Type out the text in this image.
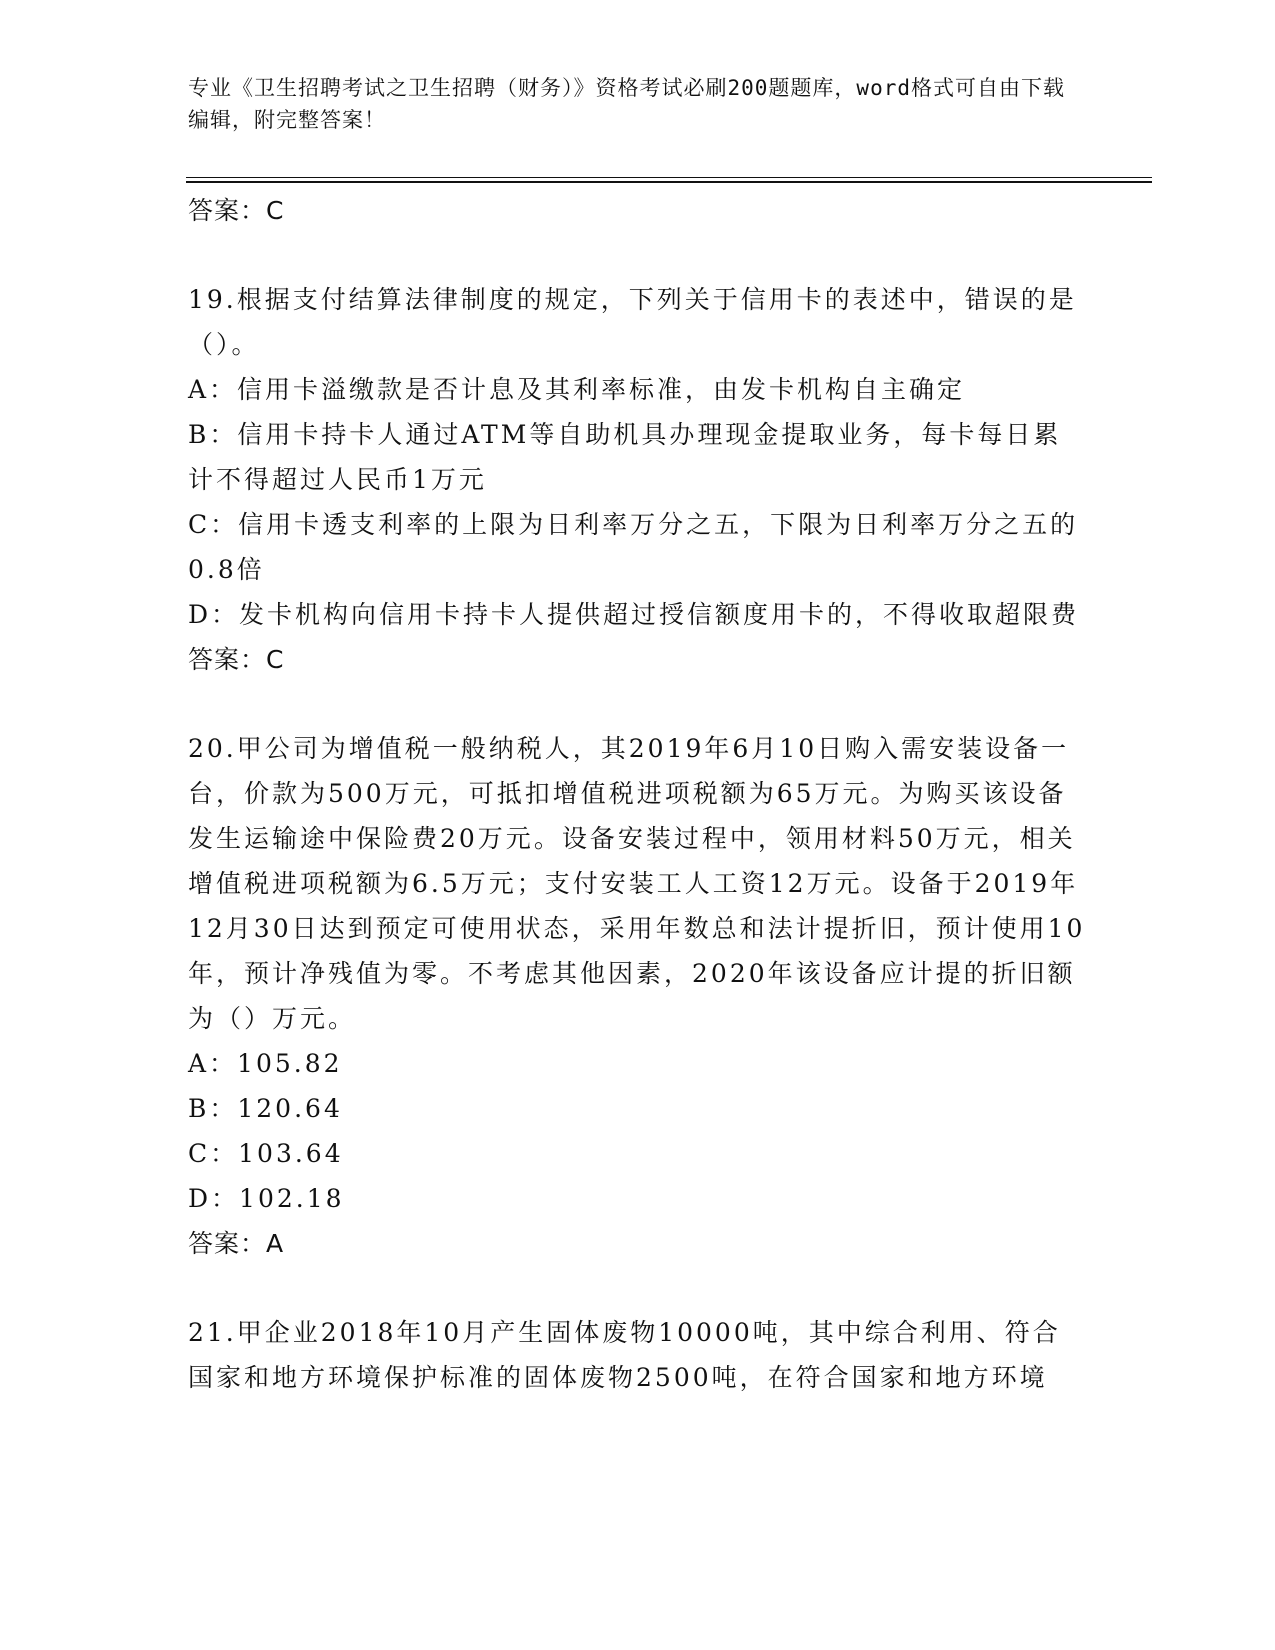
专业《卫生招聘考试之卫生招聘（财务）》资格考试必刷200题题库，word格式可自由下载编辑，附完整答案！

答案：C

19.根据支付结算法律制度的规定，下列关于信用卡的表述中，错误的是（）。

A：信用卡溢缴款是否计息及其利率标准，由发卡机构自主确定

B：信用卡持卡人通过ATM等自助机具办理现金提取业务，每卡每日累计不得超过人民币1万元

C：信用卡透支利率的上限为日利率万分之五，下限为日利率万分之五的0.8倍

D：发卡机构向信用卡持卡人提供超过授信额度用卡的，不得收取超限费

答案：C

20.甲公司为增值税一般纳税人，其2019年6月10日购入需安装设备一台，价款为500万元，可抵扣增值税进项税额为65万元。为购买该设备发生运输途中保险费20万元。设备安装过程中，领用材料50万元，相关增值税进项税额为6.5万元；支付安装工人工资12万元。设备于2019年12月30日达到预定可使用状态，采用年数总和法计提折旧，预计使用10年，预计净残值为零。不考虑其他因素，2020年该设备应计提的折旧额为（）万元。

A：105.82

B：120.64

C：103.64

D：102.18

答案：A

21.甲企业2018年10月产生固体废物10000吨，其中综合利用、符合国家和地方环境保护标准的固体废物2500吨，在符合国家和地方环境
